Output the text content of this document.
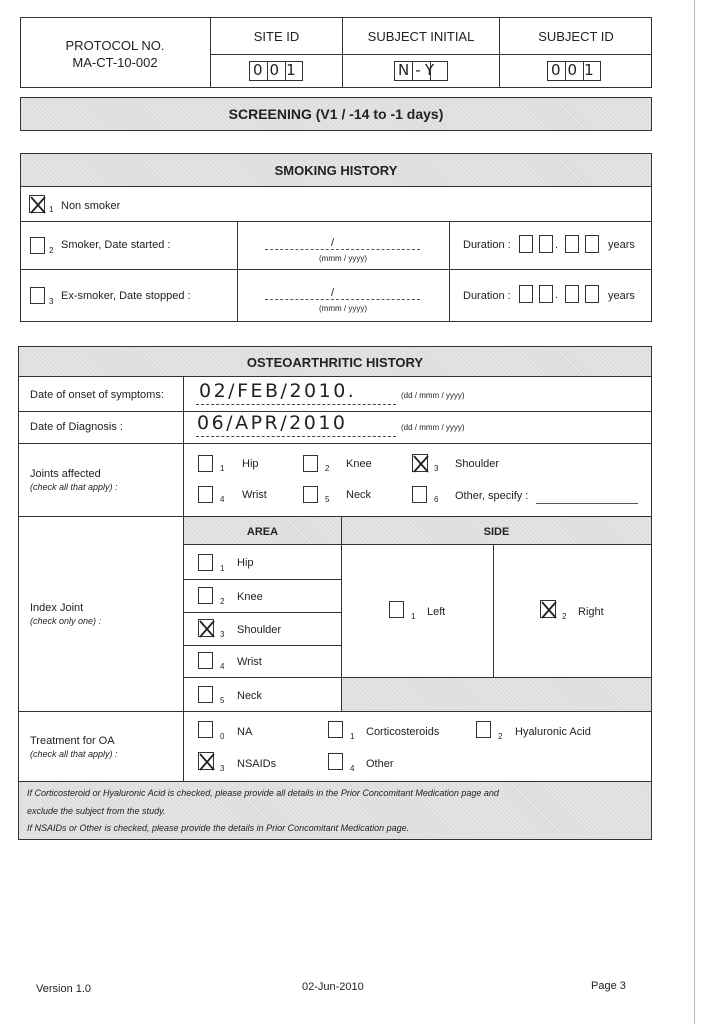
PROTOCOL NO.
MA-CT-10-002
SITE ID	SUBJECT INITIAL	SUBJECT ID
001	N-Y	001
SCREENING (V1 / -14 to -1 days)
SMOKING HISTORY
1 Non smoker
2 Smoker, Date started :	/
(mmm / yyyy)
Duration :	.	years
3 Ex-smoker, Date stopped :	/
(mmm / yyyy)
Duration :	.	years
OSTEOARTHRITIC HISTORY
Date of onset of symptoms: 02/FEB/2010.	(dd / mmm / yyyy)
Date of Diagnosis :	06/APR/2010	(dd / mmm / yyyy)
Joints affected
(check all that apply) :
1 Hip	2 Knee	3 Shoulder
4 Wrist	5 Neck	6 Other, specify :
AREA	SIDE
Index Joint
(check only one) :
1 Hip
2 Knee
3 Shoulder
4 Wrist
5 Neck
1 Left	2 Right
Treatment for OA
(check all that apply) :
0 NA	1 Corticosteroids	2 Hyaluronic Acid
3 NSAIDs	4 Other
If Corticosteroid or Hyaluronic Acid is checked, please provide all details in the Prior Concomitant Medication page and
exclude the subject from the study.
If NSAIDs or Other is checked, please provide the details in Prior Concomitant Medication page.
Version 1.0	02-Jun-2010	Page 3
